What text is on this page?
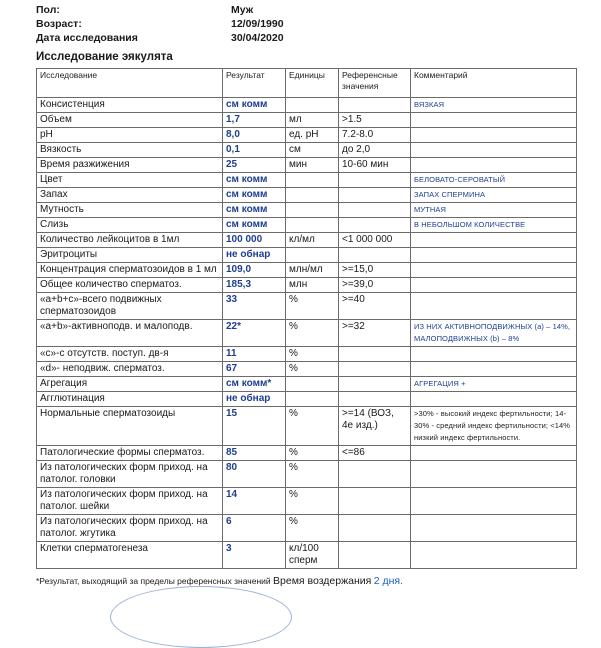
Пол:	Муж
Возраст:	12/09/1990
Дата исследования	30/04/2020
Исследование эякулята
Исследование	Результат	Единицы	Референсные значения	Комментарий
Консистенция	см комм			ВЯЗКАЯ
Объем	1,7	мл	>1.5	
pH	8,0	ед. pH	7.2-8.0	
Вязкость	0,1	см	до 2,0	
Время разжижения	25	мин	10-60 мин	
Цвет	см комм			БЕЛОВАТО-СЕРОВАТЫЙ
Запах	см комм			ЗАПАХ СПЕРМИНА
Мутность	см комм			МУТНАЯ
Слизь	см комм			В НЕБОЛЬШОМ КОЛИЧЕСТВЕ
Количество лейкоцитов в 1мл	100 000	кл/мл	<1 000 000	
Эритроциты	не обнар			
Концентрация сперматозоидов в 1 мл	109,0	млн/мл	>=15,0	
Общее количество сперматоз.	185,3	млн	>=39,0	
«a+b+c»-всего подвижных сперматозоидов	33	%	>=40	
«a+b»-активноподв. и малоподв.	22*	%	>=32	ИЗ НИХ АКТИВНОПОДВИЖНЫХ (a) – 14%, МАЛОПОДВИЖНЫХ (b) – 8%
«c»-с отсутств. поступ. дв-я	11	%		
«d»- неподвиж. сперматоз.	67	%		
Агрегация	см комм*			АГРЕГАЦИЯ +
Агглютинация	не обнар			
Нормальные сперматозоиды	15	%	>=14 (ВОЗ, 4е изд.)	>30% - высокий индекс фертильности; 14-30% - средний индекс фертильности; <14% низкий индекс фертильности.
Патологические формы сперматоз.	85	%	<=86	
Из патологических форм приход. на патолог. головки	80	%		
Из патологических форм приход. на патолог. шейки	14	%		
Из патологических форм приход. на патолог. жгутика	6	%		
Клетки сперматогенеза	3	кл/100 сперм		
*Результат, выходящий за пределы референсных значений Время воздержания 2 дня.
